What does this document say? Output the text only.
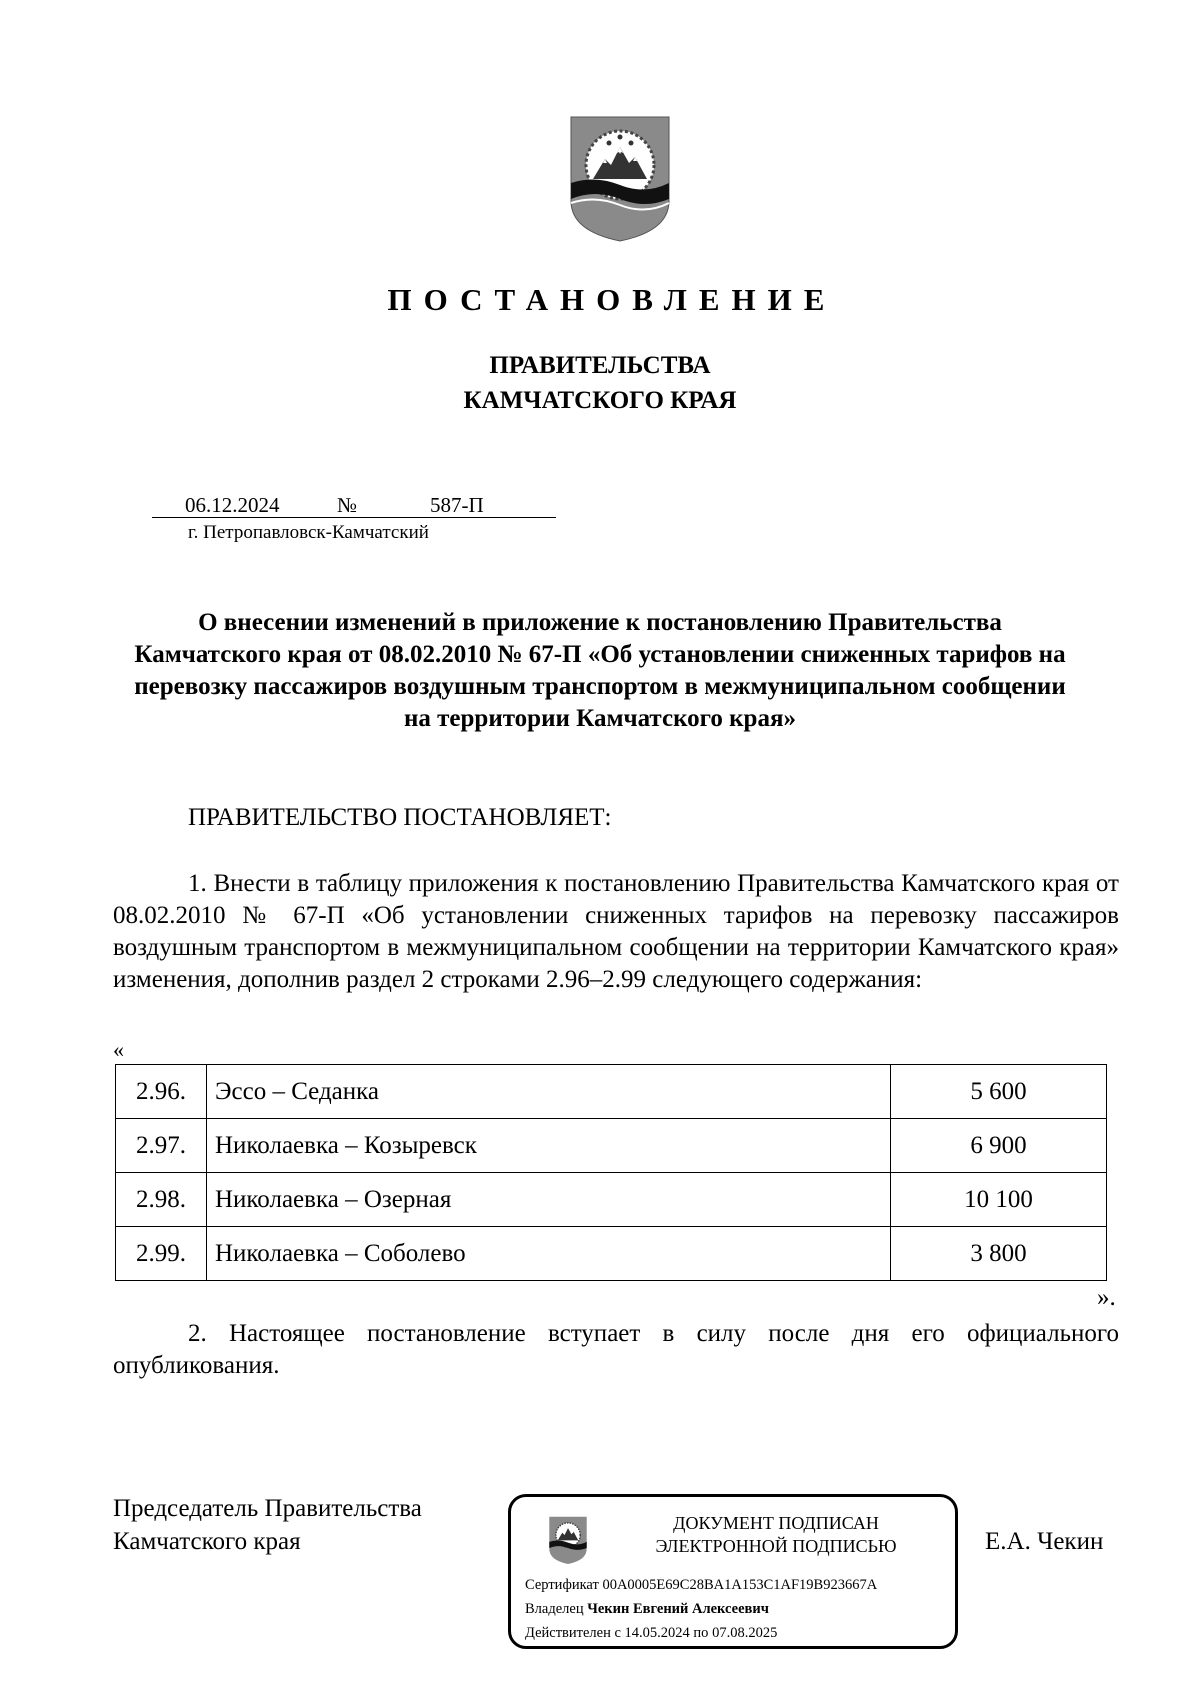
ПОСТАНОВЛЕНИЕ
ПРАВИТЕЛЬСТВА
КАМЧАТСКОГО КРАЯ
06.12.2024	№	587-П
г. Петропавловск-Камчатский
О внесении изменений в приложение к постановлению Правительства Камчатского края от 08.02.2010 № 67-П «Об установлении сниженных тарифов на перевозку пассажиров воздушным транспортом в межмуниципальном сообщении на территории Камчатского края»
ПРАВИТЕЛЬСТВО ПОСТАНОВЛЯЕТ:

1. Внести в таблицу приложения к постановлению Правительства Камчатского края от 08.02.2010 № 67-П «Об установлении сниженных тарифов на перевозку пассажиров воздушным транспортом в межмуниципальном сообщении на территории Камчатского края» изменения, дополнив раздел 2 строками 2.96–2.99 следующего содержания:

«
2.96.	Эссо – Седанка	5 600
2.97.	Николаевка – Козыревск	6 900
2.98.	Николаевка – Озерная	10 100
2.99.	Николаевка – Соболево	3 800
».

2. Настоящее постановление вступает в силу после дня его официального опубликования.

Председатель Правительства
Камчатского края	Е.А. Чекин
ДОКУМЕНТ ПОДПИСАН
ЭЛЕКТРОННОЙ ПОДПИСЬЮ
Сертификат 00A0005E69C28BA1A153C1AF19B923667A
Владелец Чекин Евгений Алексеевич
Действителен с 14.05.2024 по 07.08.2025
